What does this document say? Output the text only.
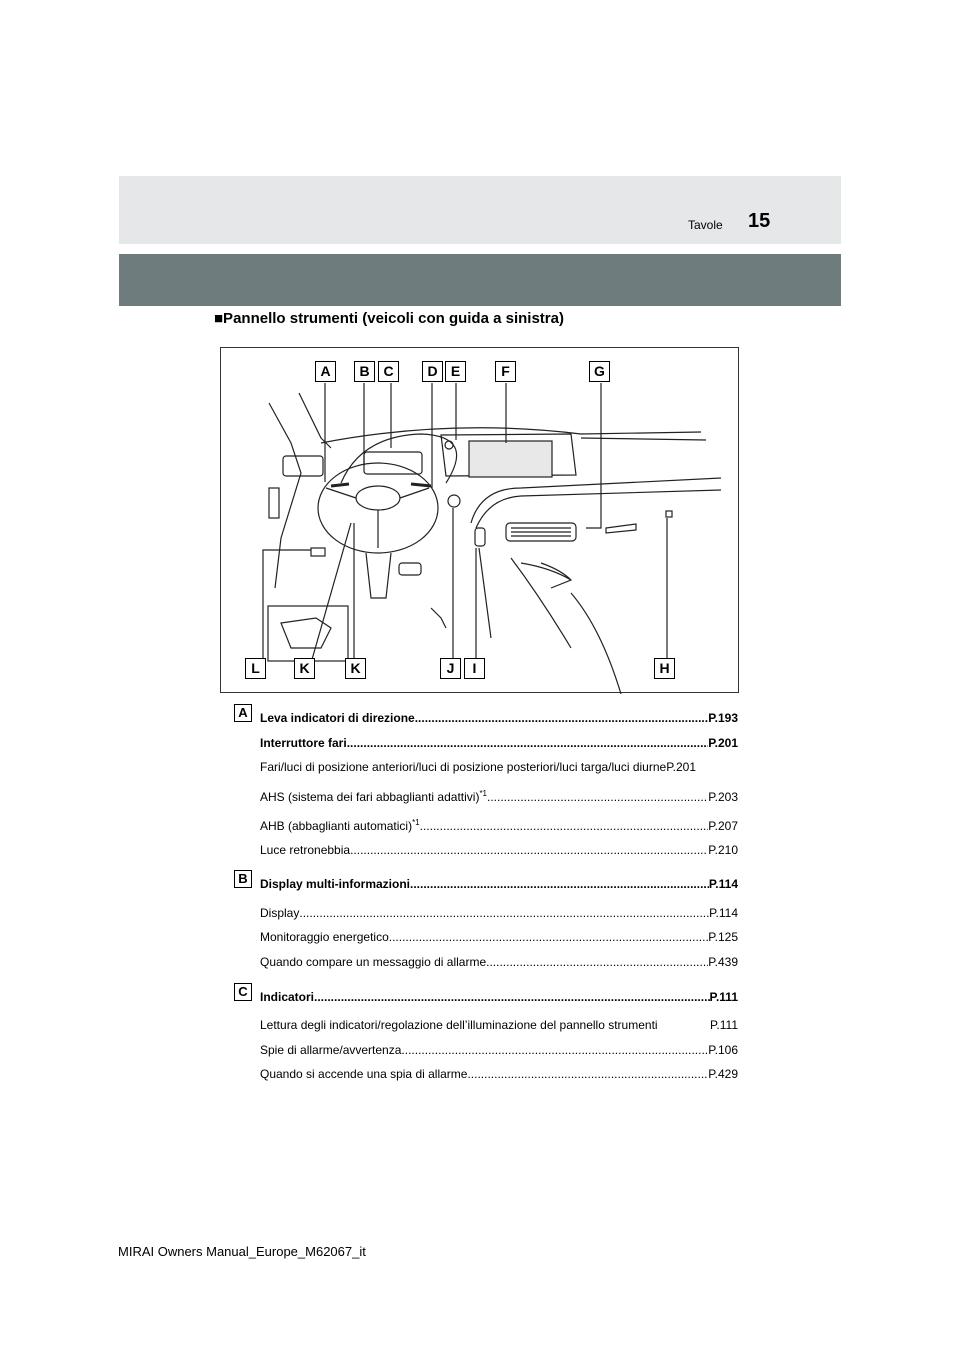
Tavole 15
■Pannello strumenti (veicoli con guida a sinistra)
A	B C	D E	F	G
L	K	K	J	I	H
A	Leva indicatori di direzione .....	P.193
Interruttore fari .....	P.201
Fari/luci di posizione anteriori/luci di posizione posteriori/luci targa/luci diurne P.201
AHS (sistema dei fari abbaglianti adattivi)$^{*1}$ .....	P.203
AHB (abbaglianti automatici)$^{*1}$ .....	P.207
Luce retronebbia .....	P.210
B	Display multi-informazioni .....	P.114
Display .....	P.114
Monitoraggio energetico .....	P.125
Quando compare un messaggio di allarme .....	P.439
C	Indicatori .....	P.111
Lettura degli indicatori/regolazione dell’illuminazione del pannello strumenti	P.111
Spie di allarme/avvertenza .....	P.106
Quando si accende una spia di allarme .....	P.429
MIRAI Owners Manual_Europe_M62067_it
